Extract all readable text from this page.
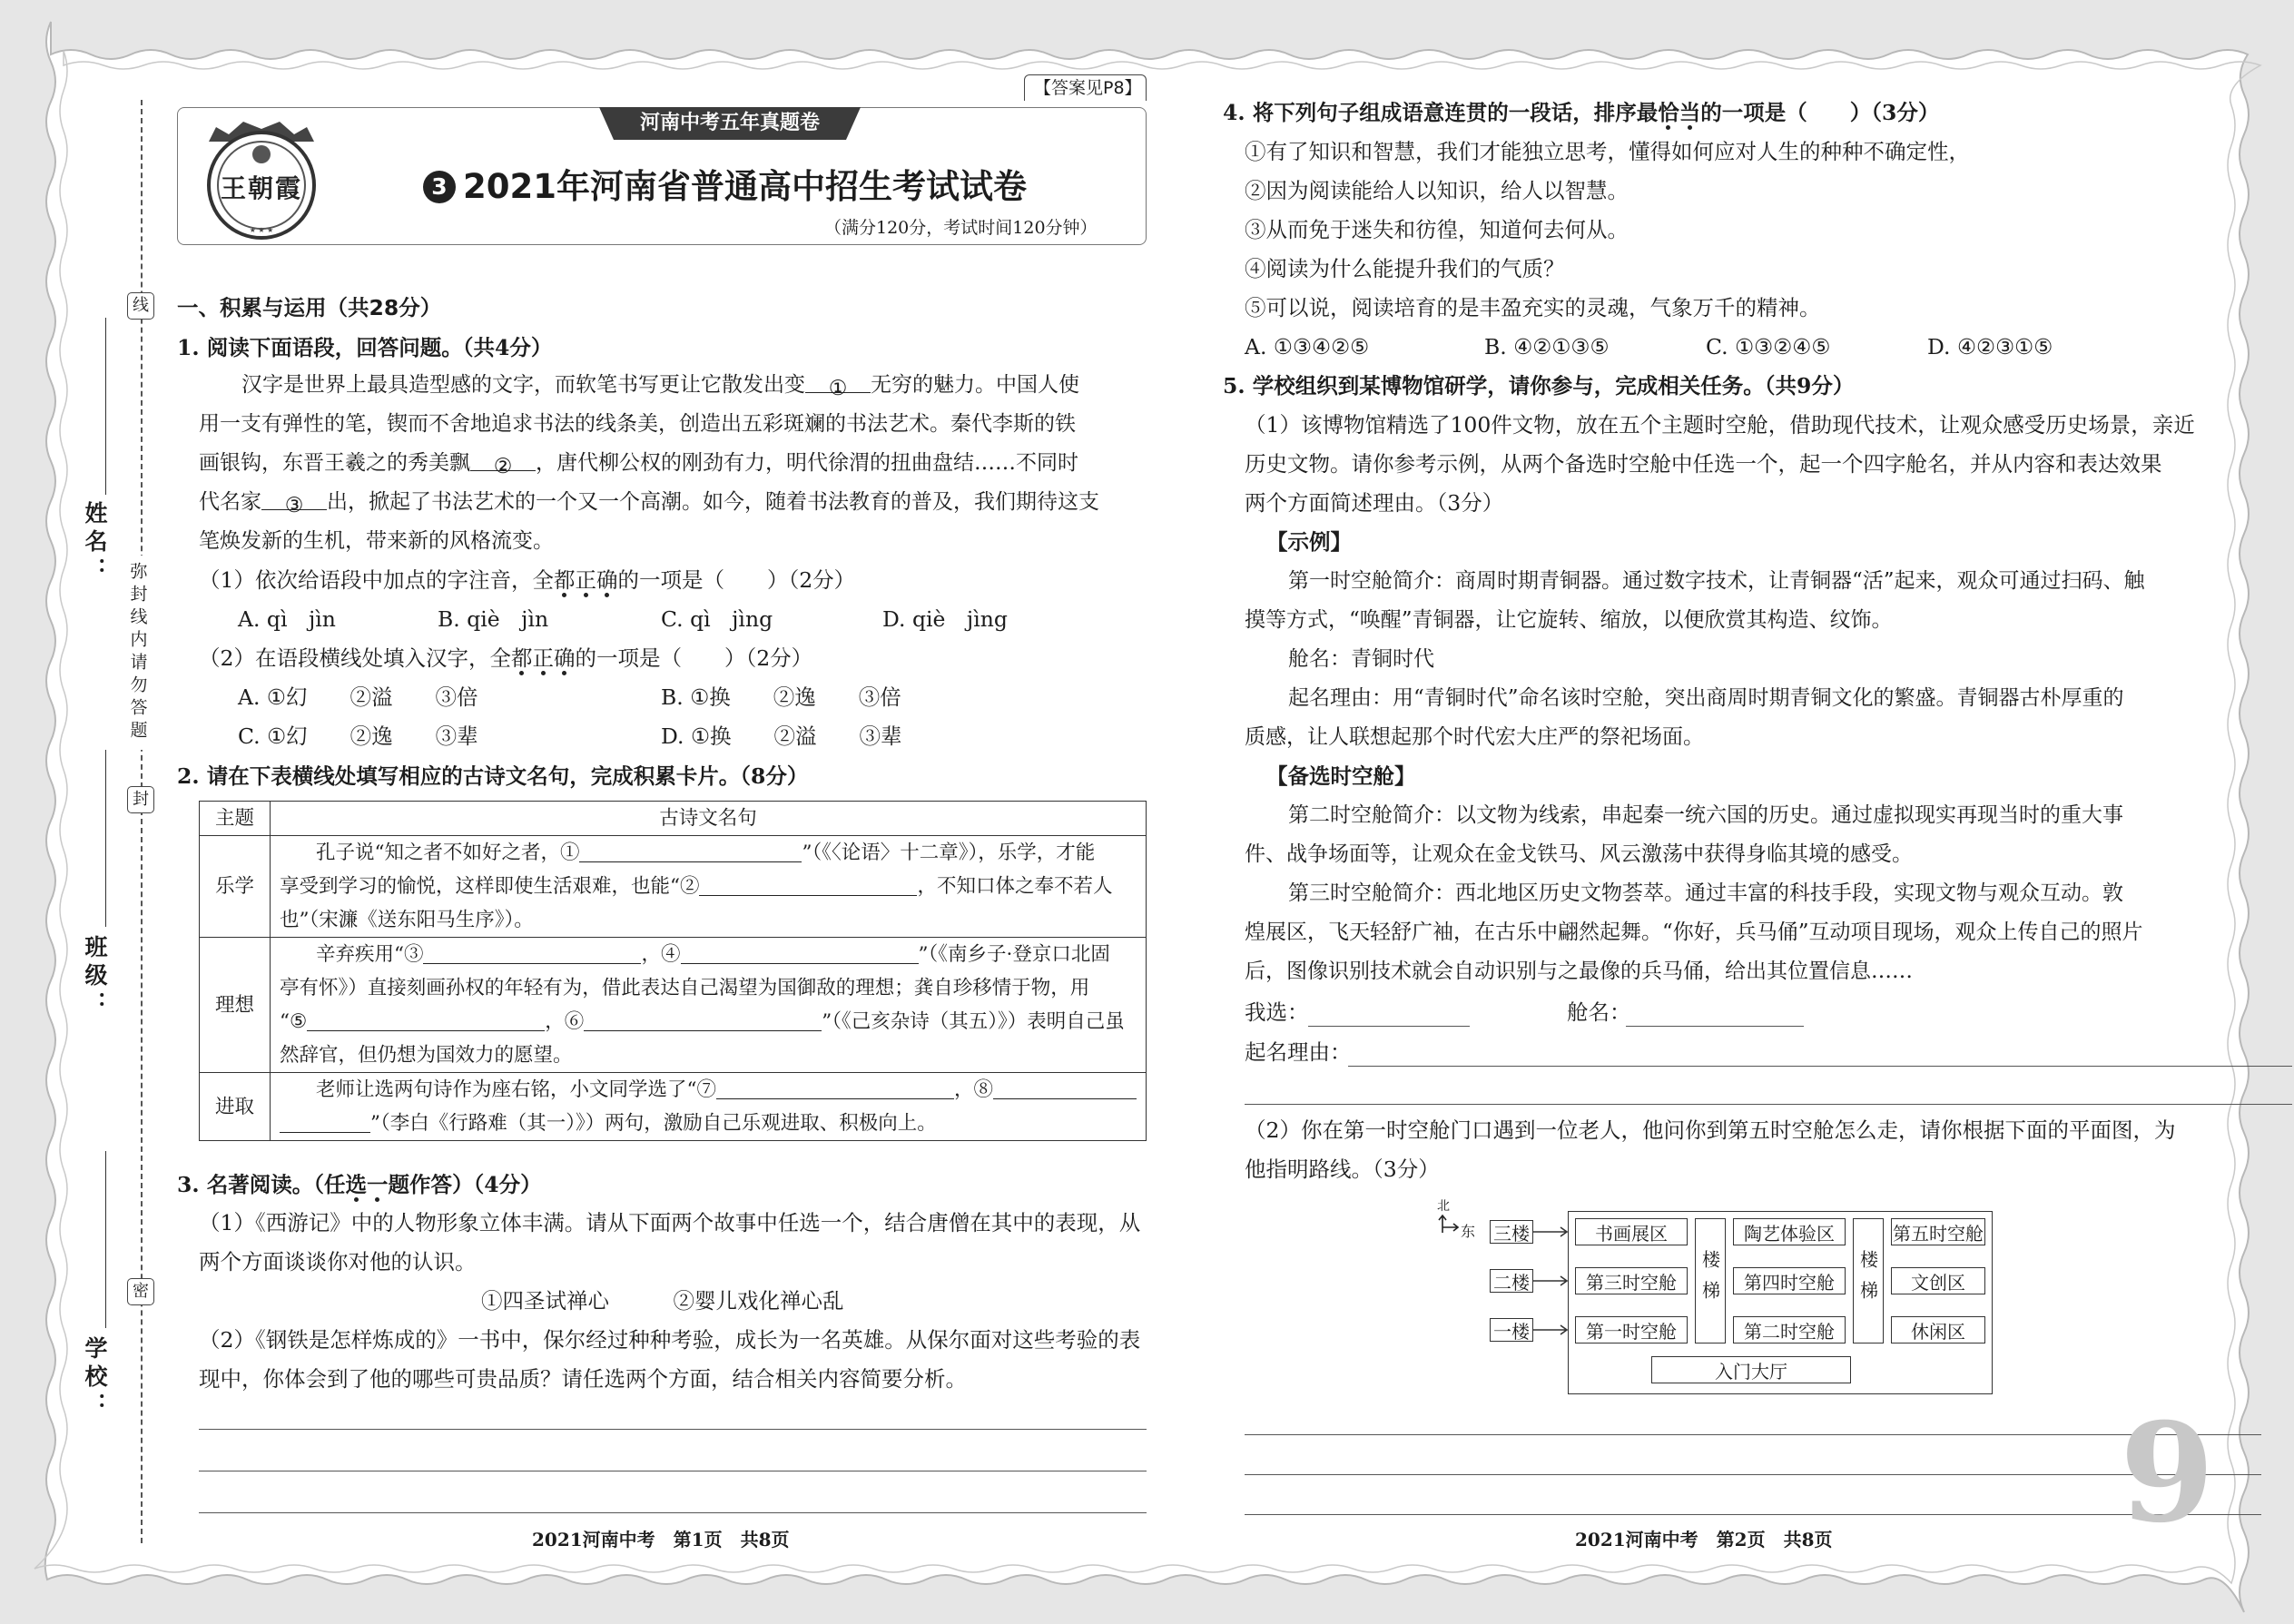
线
封
密
弥封线内请勿答题
姓名：
班级：
学校：
【答案见P8】
河南中考五年真题卷
★ ★ ★
王朝霞	3 2021年河南省普通高中招生考试试卷
（满分120分，考试时间120分钟）
一、积累与运用（共28分）
1. 阅读下面语段，回答问题。（共4分）
汉字是世界上最具造型感的文字，而软笔书写更让它散发出变 ① 无穷的魅力。中国人使
用一支有弹性的笔，锲而不舍地追求书法的线条美，创造出五彩斑斓的书法艺术。秦代李斯的铁
画银钩，东晋王羲之的秀美飘 ② ，唐代柳公权的刚劲有力，明代徐渭的扭曲盘结……不同时
代名家 ③ 出，掀起了书法艺术的一个又一个高潮。如今，随着书法教育的普及，我们期待这支
笔焕发新的生机，带来新的风格流变。
（1）依次给语段中加点的字注音，全都正确的一项是（　　）（2分）
A. qì　jìn	B. qiè　jìn	C. qì　jìng	D. qiè　jìng
（2）在语段横线处填入汉字，全都正确的一项是（　　）（2分）
A. ①幻　　②溢　　③倍	B. ①换　　②逸　　③倍
C. ①幻　　②逸　　③辈	D. ①换　　②溢　　③辈
2. 请在下表横线处填写相应的古诗文名句，完成积累卡片。（8分）
主题	古诗文名句
乐学	孔子说“知之者不如好之者，① ”（《〈论语〉十二章》），乐学，才能
享受到学习的愉悦，这样即使生活艰难，也能“② ，不知口体之奉不若人
也”（宋濂《送东阳马生序》）。

理想	辛弃疾用“③ ，④ ”（《南乡子·登京口北固
亭有怀》）直接刻画孙权的年轻有为，借此表达自己渴望为国御敌的理想；龚自珍移情于物，用
“⑤ ，⑥ ”（《己亥杂诗（其五）》）表明自己虽
然辞官，但仍想为国效力的愿望。

进取	老师让选两句诗作为座右铭，小文同学选了“⑦ ，⑧
”（李白《行路难（其一）》）两句，激励自己乐观进取、积极向上。
3. 名著阅读。（任选一题作答）（4分）
（1）《西游记》中的人物形象立体丰满。请从下面两个故事中任选一个，结合唐僧在其中的表现，从
两个方面谈谈你对他的认识。
①四圣试禅心　　　②婴儿戏化禅心乱
（2）《钢铁是怎样炼成的》一书中，保尔经过种种考验，成长为一名英雄。从保尔面对这些考验的表
现中，你体会到了他的哪些可贵品质？请任选两个方面，结合相关内容简要分析。
2021河南中考　第1页　共8页
4. 将下列句子组成语意连贯的一段话，排序最恰当的一项是（　　）（3分）
①有了知识和智慧，我们才能独立思考，懂得如何应对人生的种种不确定性，
②因为阅读能给人以知识，给人以智慧。
③从而免于迷失和彷徨，知道何去何从。
④阅读为什么能提升我们的气质？
⑤可以说，阅读培育的是丰盈充实的灵魂，气象万千的精神。
A. ①③④②⑤	B. ④②①③⑤	C. ①③②④⑤	D. ④②③①⑤
5. 学校组织到某博物馆研学，请你参与，完成相关任务。（共9分）
（1）该博物馆精选了100件文物，放在五个主题时空舱，借助现代技术，让观众感受历史场景，亲近
历史文物。请你参考示例，从两个备选时空舱中任选一个，起一个四字舱名，并从内容和表达效果
两个方面简述理由。（3分）
【示例】
第一时空舱简介：商周时期青铜器。通过数字技术，让青铜器“活”起来，观众可通过扫码、触
摸等方式，“唤醒”青铜器，让它旋转、缩放，以便欣赏其构造、纹饰。
舱名：青铜时代
起名理由：用“青铜时代”命名该时空舱，突出商周时期青铜文化的繁盛。青铜器古朴厚重的
质感，让人联想起那个时代宏大庄严的祭祀场面。
【备选时空舱】
第二时空舱简介：以文物为线索，串起秦一统六国的历史。通过虚拟现实再现当时的重大事
件、战争场面等，让观众在金戈铁马、风云激荡中获得身临其境的感受。
第三时空舱简介：西北地区历史文物荟萃。通过丰富的科技手段，实现文物与观众互动。敦
煌展区，飞天轻舒广袖，在古乐中翩然起舞。“你好，兵马俑”互动项目现场，观众上传自己的照片
后，图像识别技术就会自动识别与之最像的兵马俑，给出其位置信息……
我选：	舱名：
起名理由：
（2）你在第一时空舱门口遇到一位老人，他问你到第五时空舱怎么走，请你根据下面的平面图，为
他指明路线。（3分）
北
东 三楼
二楼
一楼
书画展区
第三时空舱
第一时空舱
楼梯
陶艺体验区
第四时空舱
第二时空舱
楼梯
第五时空舱
文创区
休闲区
入门大厅
9
2021河南中考　第2页　共8页
